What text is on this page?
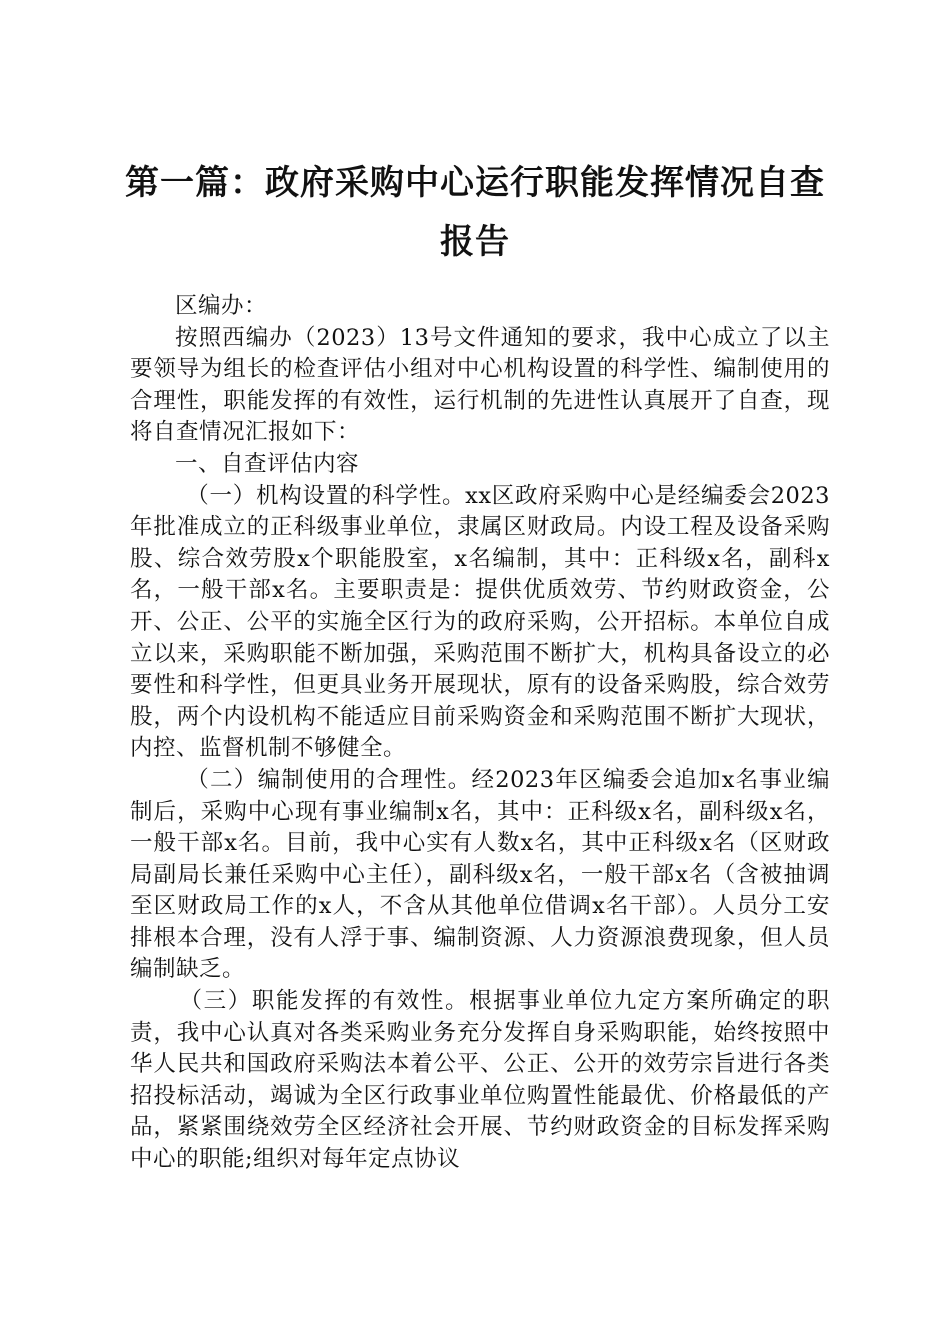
第一篇：政府采购中心运行职能发挥情况自查
报告

区编办：

按照西编办（2023）13号文件通知的要求，我中心成立了以主要领导为组长的检查评估小组对中心机构设置的科学性、编制使用的合理性，职能发挥的有效性，运行机制的先进性认真展开了自查，现将自查情况汇报如下：

一、自查评估内容

（一）机构设置的科学性。xx区政府采购中心是经编委会2023年批准成立的正科级事业单位，隶属区财政局。内设工程及设备采购股、综合效劳股x个职能股室，x名编制，其中：正科级x名，副科x名，一般干部x名。主要职责是：提供优质效劳、节约财政资金，公开、公正、公平的实施全区行为的政府采购，公开招标。本单位自成立以来，采购职能不断加强，采购范围不断扩大，机构具备设立的必要性和科学性，但更具业务开展现状，原有的设备采购股，综合效劳股，两个内设机构不能适应目前采购资金和采购范围不断扩大现状，内控、监督机制不够健全。

（二）编制使用的合理性。经2023年区编委会追加x名事业编制后，采购中心现有事业编制x名，其中：正科级x名，副科级x名，一般干部x名。目前，我中心实有人数x名，其中正科级x名（区财政局副局长兼任采购中心主任），副科级x名，一般干部x名（含被抽调至区财政局工作的x人，不含从其他单位借调x名干部）。人员分工安排根本合理，没有人浮于事、编制资源、人力资源浪费现象，但人员编制缺乏。

（三）职能发挥的有效性。根据事业单位九定方案所确定的职责，我中心认真对各类采购业务充分发挥自身采购职能，始终按照中华人民共和国政府采购法本着公平、公正、公开的效劳宗旨进行各类招投标活动，竭诚为全区行政事业单位购置性能最优、价格最低的产品，紧紧围绕效劳全区经济社会开展、节约财政资金的目标发挥采购中心的职能;组织对每年定点协议
